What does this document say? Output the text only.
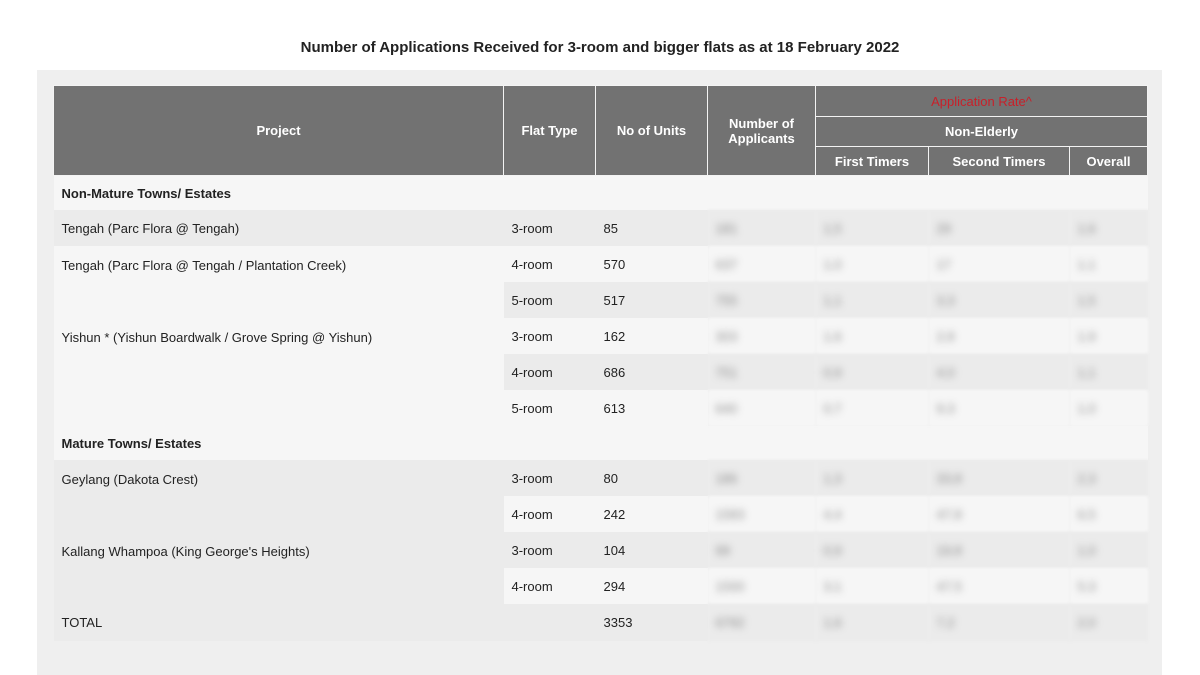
Number of Applications Received for 3-room and bigger flats as at 18 February 2022
Project	Flat Type	No of Units	Number of Applicants	Application Rate^		
				Non-Elderly		
				First Timers	Second Timers	Overall
Non-Mature Towns/ Estates						
Tengah (Parc Flora @ Tengah)	3-room	85	181	1.5	29	1.6
Tengah (Parc Flora @ Tengah / Plantation Creek)	4-room	570	637	1.0	17	1.1
	5-room	517	755	1.1	3.3	1.5
Yishun * (Yishun Boardwalk / Grove Spring @ Yishun)	3-room	162	303	1.6	2.8	1.9
	4-room	686	751	0.9	4.0	1.1
	5-room	613	640	0.7	9.3	1.0
Mature Towns/ Estates						
Geylang (Dakota Crest)	3-room	80	186	1.3	33.8	2.3
	4-room	242	1583	4.4	47.8	6.5
Kallang Whampoa (King George's Heights)	3-room	104	99	0.9	19.8	1.0
	4-room	294	1500	3.1	47.5	5.3
TOTAL		3353	6792	1.6	7.2	2.0
